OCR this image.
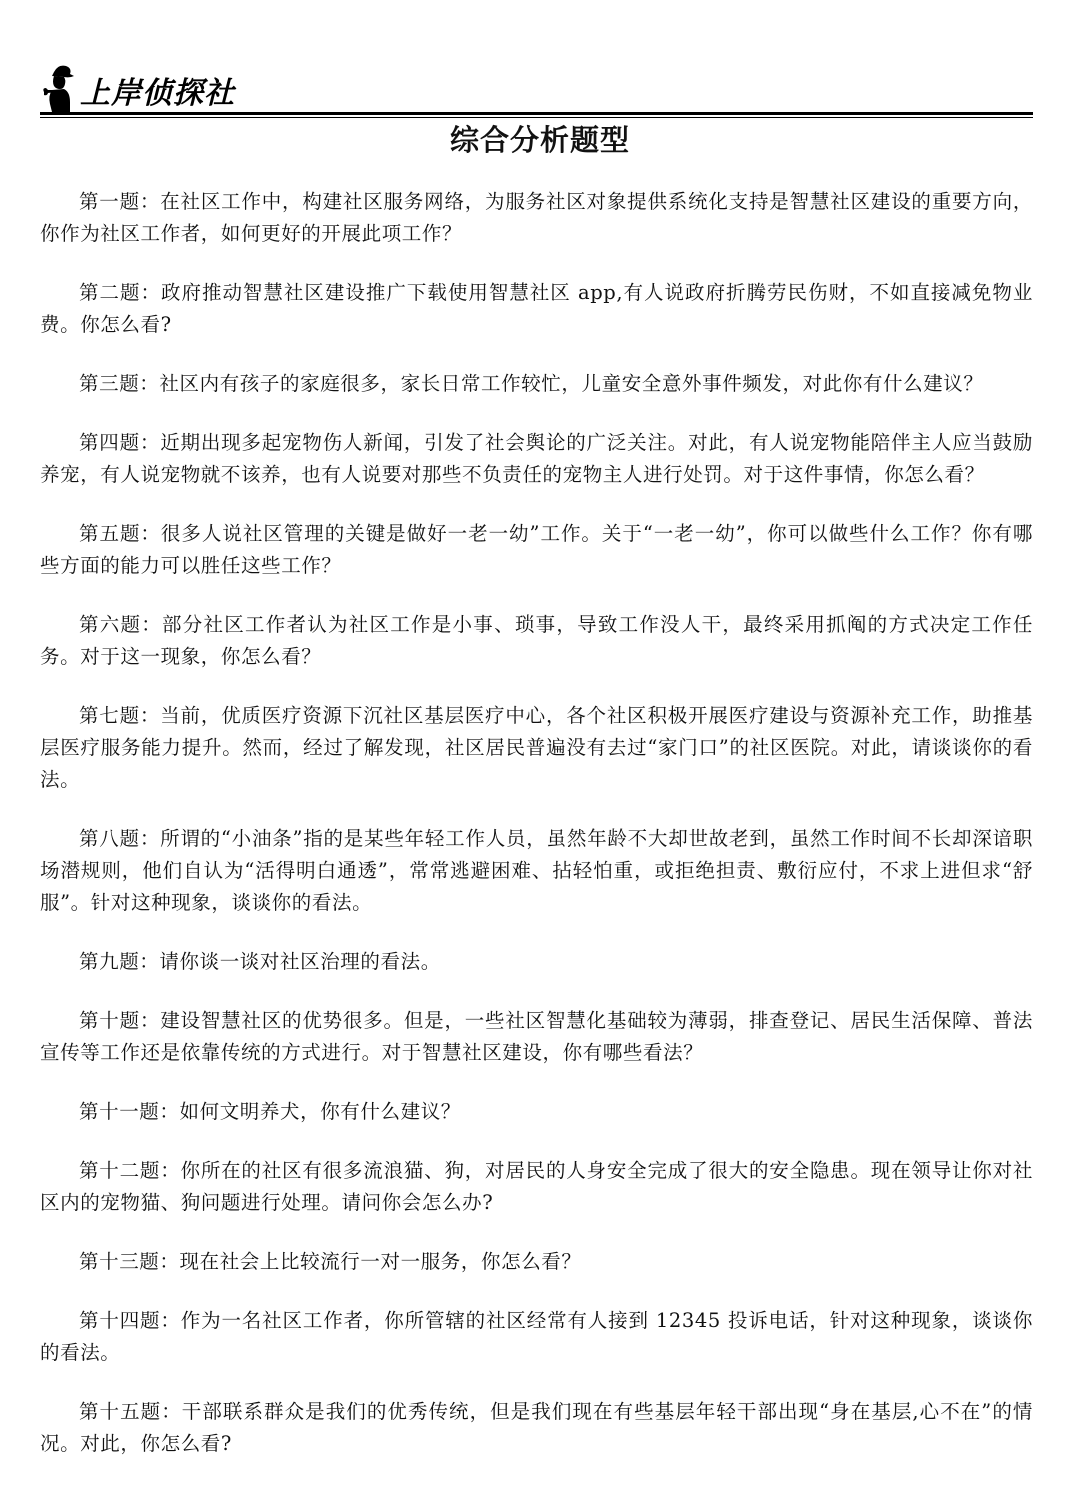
上岸侦探社
综合分析题型

第一题：在社区工作中，构建社区服务网络，为服务社区对象提供系统化支持是智慧社区建设的重要方向，你作为社区工作者，如何更好的开展此项工作？

第二题：政府推动智慧社区建设推广下载使用智慧社区 app,有人说政府折腾劳民伤财，不如直接减免物业费。你怎么看?

第三题：社区内有孩子的家庭很多，家长日常工作较忙，儿童安全意外事件频发，对此你有什么建议？

第四题：近期出现多起宠物伤人新闻，引发了社会舆论的广泛关注。对此，有人说宠物能陪伴主人应当鼓励养宠，有人说宠物就不该养，也有人说要对那些不负责任的宠物主人进行处罚。对于这件事情，你怎么看？

第五题：很多人说社区管理的关键是做好一老一幼”工作。关于“一老一幼”，你可以做些什么工作？你有哪些方面的能力可以胜任这些工作？

第六题：部分社区工作者认为社区工作是小事、琐事，导致工作没人干，最终采用抓阄的方式决定工作任务。对于这一现象，你怎么看？

第七题：当前，优质医疗资源下沉社区基层医疗中心，各个社区积极开展医疗建设与资源补充工作，助推基层医疗服务能力提升。然而，经过了解发现，社区居民普遍没有去过“家门口”的社区医院。对此，请谈谈你的看法。

第八题：所谓的“小油条”指的是某些年轻工作人员，虽然年龄不大却世故老到，虽然工作时间不长却深谙职场潜规则，他们自认为“活得明白通透”，常常逃避困难、拈轻怕重，或拒绝担责、敷衍应付，不求上进但求“舒服”。针对这种现象，谈谈你的看法。

第九题：请你谈一谈对社区治理的看法。

第十题：建设智慧社区的优势很多。但是，一些社区智慧化基础较为薄弱，排查登记、居民生活保障、普法宣传等工作还是依靠传统的方式进行。对于智慧社区建设，你有哪些看法？

第十一题：如何文明养犬，你有什么建议？

第十二题：你所在的社区有很多流浪猫、狗，对居民的人身安全完成了很大的安全隐患。现在领导让你对社区内的宠物猫、狗问题进行处理。请问你会怎么办?

第十三题：现在社会上比较流行一对一服务，你怎么看？

第十四题：作为一名社区工作者，你所管辖的社区经常有人接到 12345 投诉电话，针对这种现象，谈谈你的看法。

第十五题：干部联系群众是我们的优秀传统，但是我们现在有些基层年轻干部出现“身在基层,心不在”的情况。对此，你怎么看?
